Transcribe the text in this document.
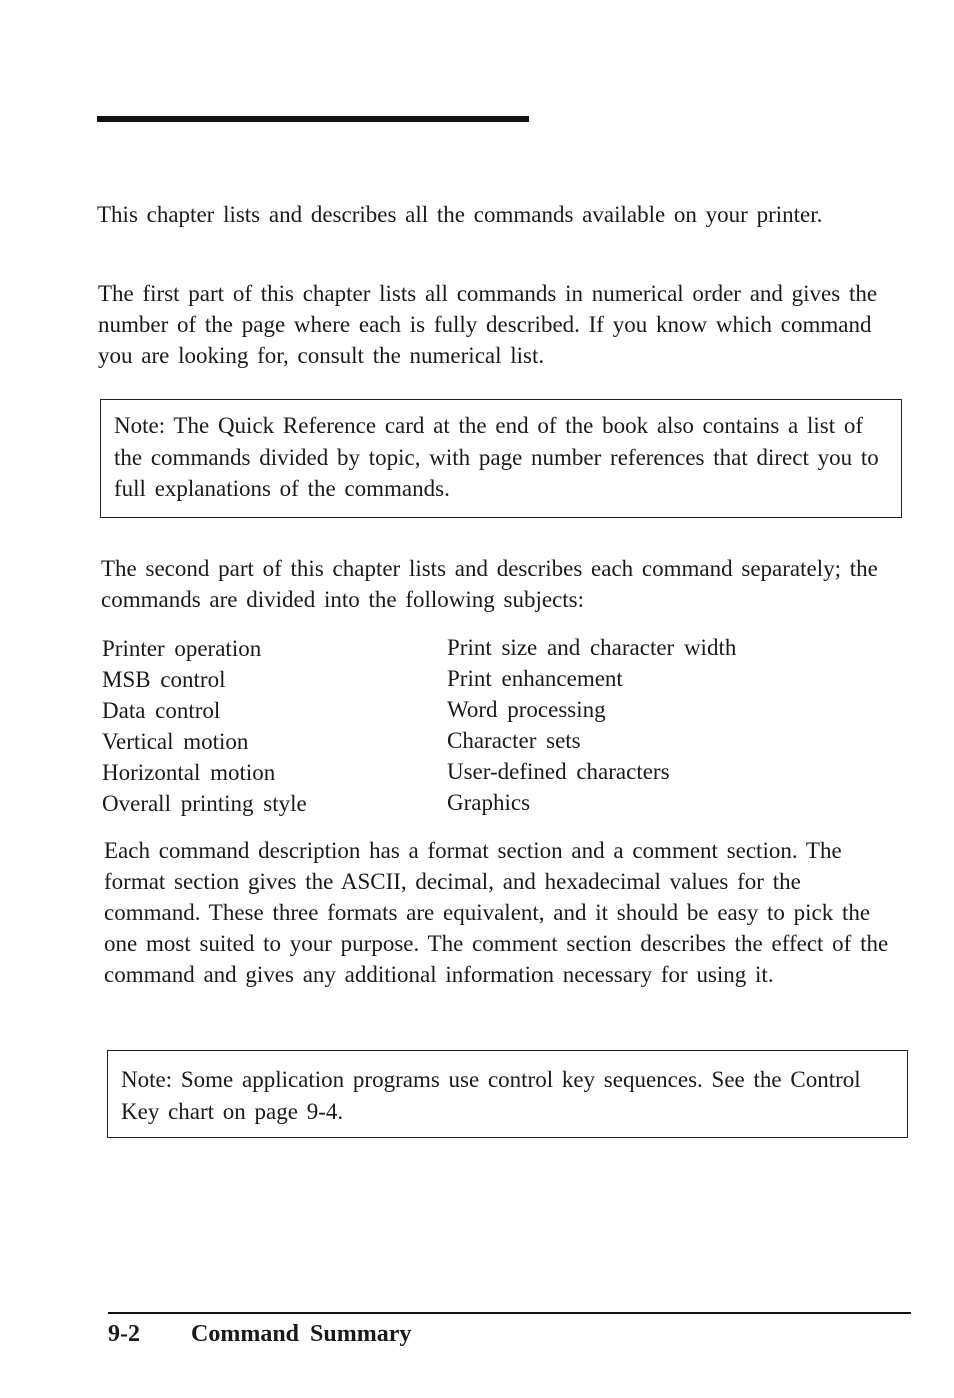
This chapter lists and describes all the commands available on your printer.

The first part of this chapter lists all commands in numerical order and gives the number of the page where each is fully described. If you know which command you are looking for, consult the numerical list.

Note: The Quick Reference card at the end of the book also contains a list of the commands divided by topic, with page number references that direct you to full explanations of the commands.

The second part of this chapter lists and describes each command separately; the commands are divided into the following subjects:

Printer operation
MSB control
Data control
Vertical motion
Horizontal motion
Overall printing style
Print size and character width
Print enhancement
Word processing
Character sets
User-defined characters
Graphics

Each command description has a format section and a comment section. The format section gives the ASCII, decimal, and hexadecimal values for the command. These three formats are equivalent, and it should be easy to pick the one most suited to your purpose. The comment section describes the effect of the command and gives any additional information necessary for using it.

Note: Some application programs use control key sequences. See the Control Key chart on page 9-4.

9-2 Command Summary
